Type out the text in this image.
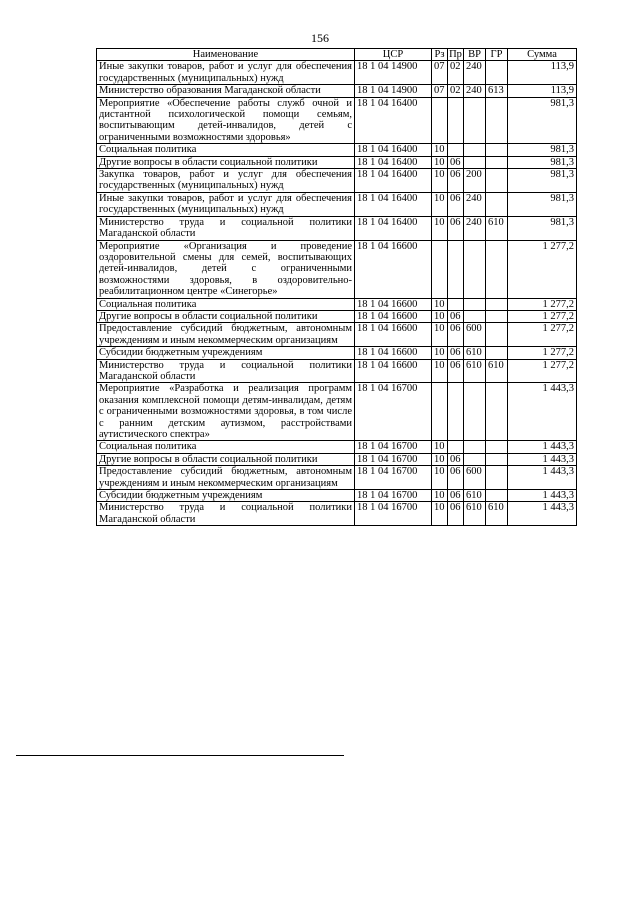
156
Наименование	ЦСР	Рз	Пр	ВР	ГР	Сумма
Иные закупки товаров, работ и услуг для обеспечения государственных (муниципальных) нужд	18 1 04 14900	07	02	240		113,9
Министерство образования Магаданской области	18 1 04 14900	07	02	240	613	113,9
Мероприятие «Обеспечение работы служб очной и дистантной психологической помощи семьям, воспитывающим детей-инвалидов, детей с ограниченными возможностями здоровья»	18 1 04 16400					981,3
Социальная политика	18 1 04 16400	10				981,3
Другие вопросы в области социальной политики	18 1 04 16400	10	06			981,3
Закупка товаров, работ и услуг для обеспечения государственных (муниципальных) нужд	18 1 04 16400	10	06	200		981,3
Иные закупки товаров, работ и услуг для обеспечения государственных (муниципальных) нужд	18 1 04 16400	10	06	240		981,3
Министерство труда и социальной политики Магаданской области	18 1 04 16400	10	06	240	610	981,3
Мероприятие «Организация и проведение оздоровительной смены для семей, воспитывающих детей-инвалидов, детей с ограниченными возможностями здоровья, в оздоровительно-реабилитационном центре «Синегорье»	18 1 04 16600					1 277,2
Социальная политика	18 1 04 16600	10				1 277,2
Другие вопросы в области социальной политики	18 1 04 16600	10	06			1 277,2
Предоставление субсидий бюджетным, автономным учреждениям и иным некоммерческим организациям	18 1 04 16600	10	06	600		1 277,2
Субсидии бюджетным учреждениям	18 1 04 16600	10	06	610		1 277,2
Министерство труда и социальной политики Магаданской области	18 1 04 16600	10	06	610	610	1 277,2
Мероприятие «Разработка и реализация программ оказания комплексной помощи детям-инвалидам, детям с ограниченными возможностями здоровья, в том числе с ранним детским аутизмом, расстройствами аутистического спектра»	18 1 04 16700					1 443,3
Социальная политика	18 1 04 16700	10				1 443,3
Другие вопросы в области социальной политики	18 1 04 16700	10	06			1 443,3
Предоставление субсидий бюджетным, автономным учреждениям и иным некоммерческим организациям	18 1 04 16700	10	06	600		1 443,3
Субсидии бюджетным учреждениям	18 1 04 16700	10	06	610		1 443,3
Министерство труда и социальной политики Магаданской области	18 1 04 16700	10	06	610	610	1 443,3
